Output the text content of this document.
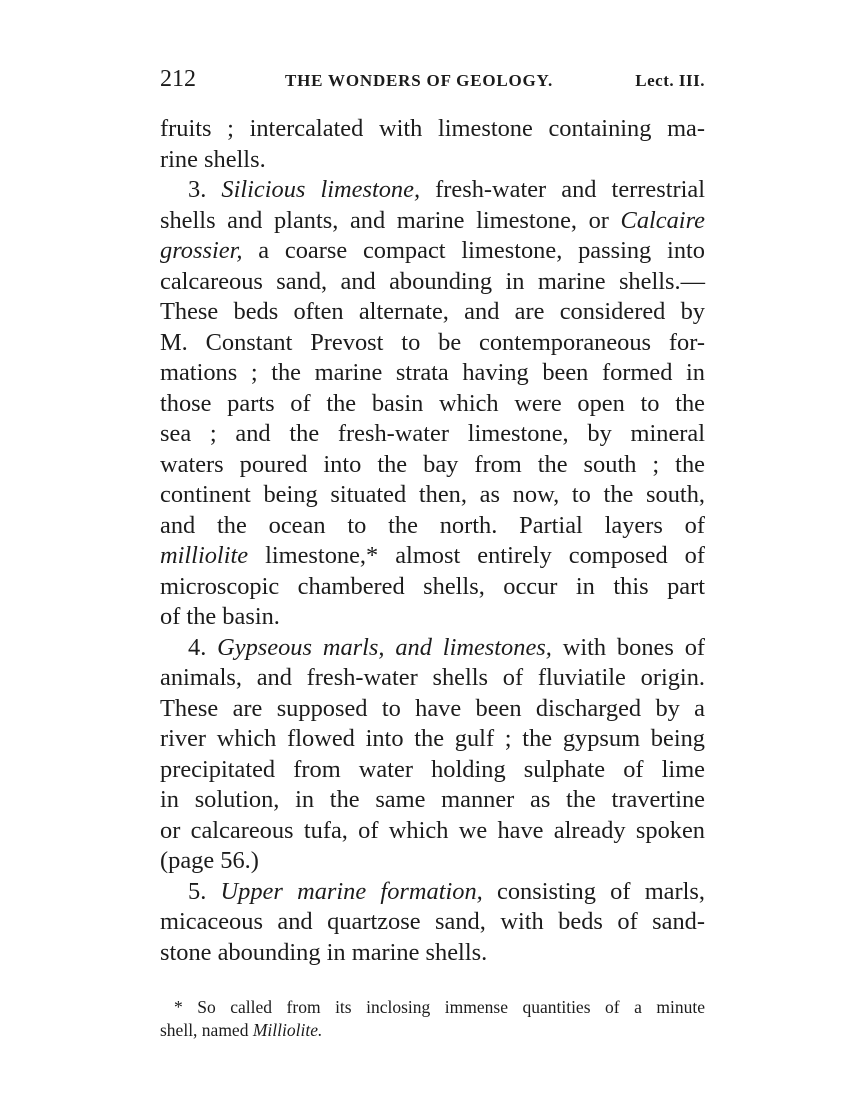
212	THE WONDERS OF GEOLOGY.	Lect. III.
fruits ; intercalated with limestone containing ma-
rine shells.
3. Silicious limestone, fresh-water and terrestrial
shells and plants, and marine limestone, or Calcaire
grossier, a coarse compact limestone, passing into
calcareous sand, and abounding in marine shells.—
These beds often alternate, and are considered by
M. Constant Prevost to be contemporaneous for-
mations ; the marine strata having been formed in
those parts of the basin which were open to the
sea ; and the fresh-water limestone, by mineral
waters poured into the bay from the south ; the
continent being situated then, as now, to the south,
and the ocean to the north. Partial layers of
milliolite limestone,* almost entirely composed of
microscopic chambered shells, occur in this part
of the basin.
4. Gypseous marls, and limestones, with bones of
animals, and fresh-water shells of fluviatile origin.
These are supposed to have been discharged by a
river which flowed into the gulf ; the gypsum being
precipitated from water holding sulphate of lime
in solution, in the same manner as the travertine
or calcareous tufa, of which we have already spoken
(page 56.)
5. Upper marine formation, consisting of marls,
micaceous and quartzose sand, with beds of sand-
stone abounding in marine shells.
* So called from its inclosing immense quantities of a minute
shell, named Milliolite.
